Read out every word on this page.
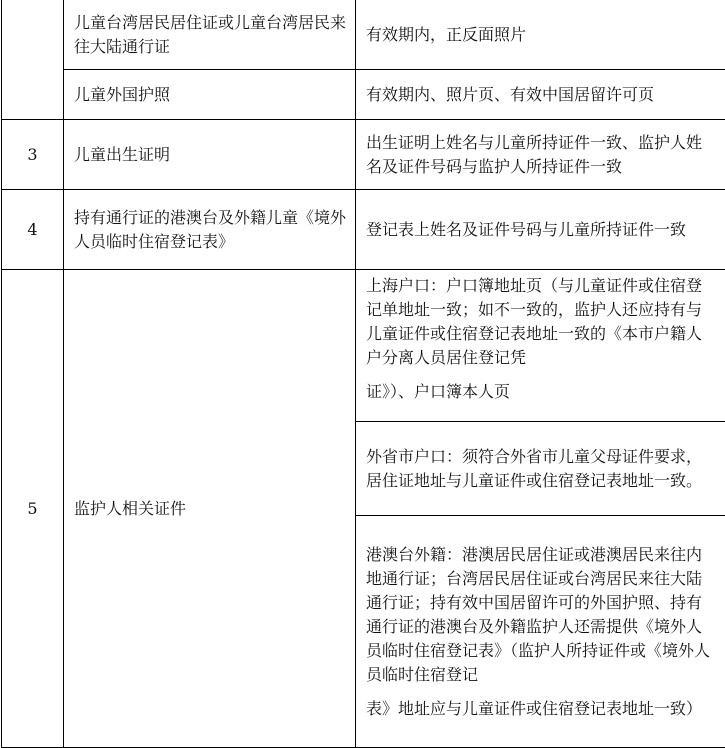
	儿童台湾居民居住证或儿童台湾居民来往大陆通行证	有效期内，正反面照片
	儿童外国护照	有效期内、照片页、有效中国居留许可页
3	儿童出生证明	出生证明上姓名与儿童所持证件一致、监护人姓名及证件号码与监护人所持证件一致
4	持有通行证的港澳台及外籍儿童《境外人员临时住宿登记表》	登记表上姓名及证件号码与儿童所持证件一致
5	监护人相关证件	上海户口：户口簿地址页（与儿童证件或住宿登记单地址一致；如不一致的，监护人还应持有与儿童证件或住宿登记表地址一致的《本市户籍人户分离人员居住登记凭
证》）、户口簿本人页
		外省市户口：须符合外省市儿童父母证件要求，居住证地址与儿童证件或住宿登记表地址一致。
		港澳台外籍：港澳居民居住证或港澳居民来往内地通行证；台湾居民居住证或台湾居民来往大陆通行证；持有效中国居留许可的外国护照、持有通行证的港澳台及外籍监护人还需提供《境外人员临时住宿登记表》（监护人所持证件或《境外人员临时住宿登记
表》地址应与儿童证件或住宿登记表地址一致）
